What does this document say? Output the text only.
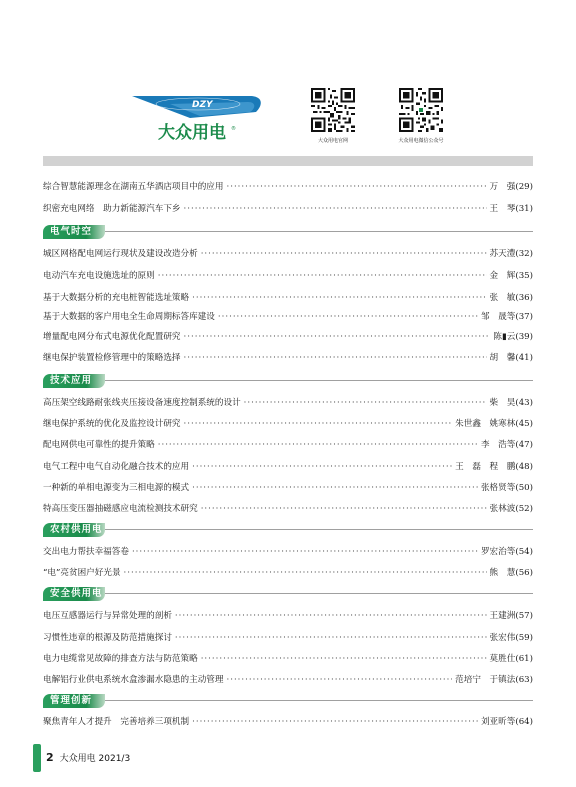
DZY
大众用电 ®
大众用电官网	大众用电微信公众号
综合智慧能源理念在湖南五华酒店项目中的应用 ·····	万　强 (29)
织密充电网络　助力新能源汽车下乡 ·····	王　琴 (31)
电气时空
城区网格配电网运行现状及建设改造分析 ·····	苏天澧 (32)
电动汽车充电设施选址的原则 ·····	金　辉 (35)
基于大数据分析的充电桩智能选址策略 ·····	张　敏 (36)
基于大数据的客户用电全生命周期标答库建设 ·····	邹　晟等 (37)
增量配电网分布式电源优化配置研究 ·····	陈▮云 (39)
继电保护装置检修管理中的策略选择 ·····	胡　馨 (41)
技术应用
高压架空线路耐张线夹压接设备速度控制系统的设计 ·····	柴　昊 (43)
继电保护系统的优化及监控设计研究 ·····	朱世鑫　姚寒林 (45)
配电网供电可靠性的提升策略 ·····	李　浩等 (47)
电气工程中电气自动化融合技术的应用 ·····	王　磊　程　鹏 (48)
一种新的单相电源变为三相电源的模式 ·····	张格贤等 (50)
特高压变压器抽磁感应电流检测技术研究 ·····	张林波 (52)
农村供用电
交出电力帮扶幸福答卷 ·····	罗宏治等 (54)
“电”亮贫困户好光景 ·····	熊　慧 (56)
安全供用电
电压互感器运行与异常处理的剖析 ·····	王建洲 (57)
习惯性违章的根源及防范措施探讨 ·····	张宏伟 (59)
电力电缆常见故障的排查方法与防范策略 ·····	莫胜仕 (61)
电解铝行业供电系统水盒渗漏水隐患的主动管理 ·····	范培宁　于镇法 (63)
管理创新
聚焦青年人才提升　完善培养三项机制 ·····	刘亚昕等 (64)
2 大众用电 2021/3
